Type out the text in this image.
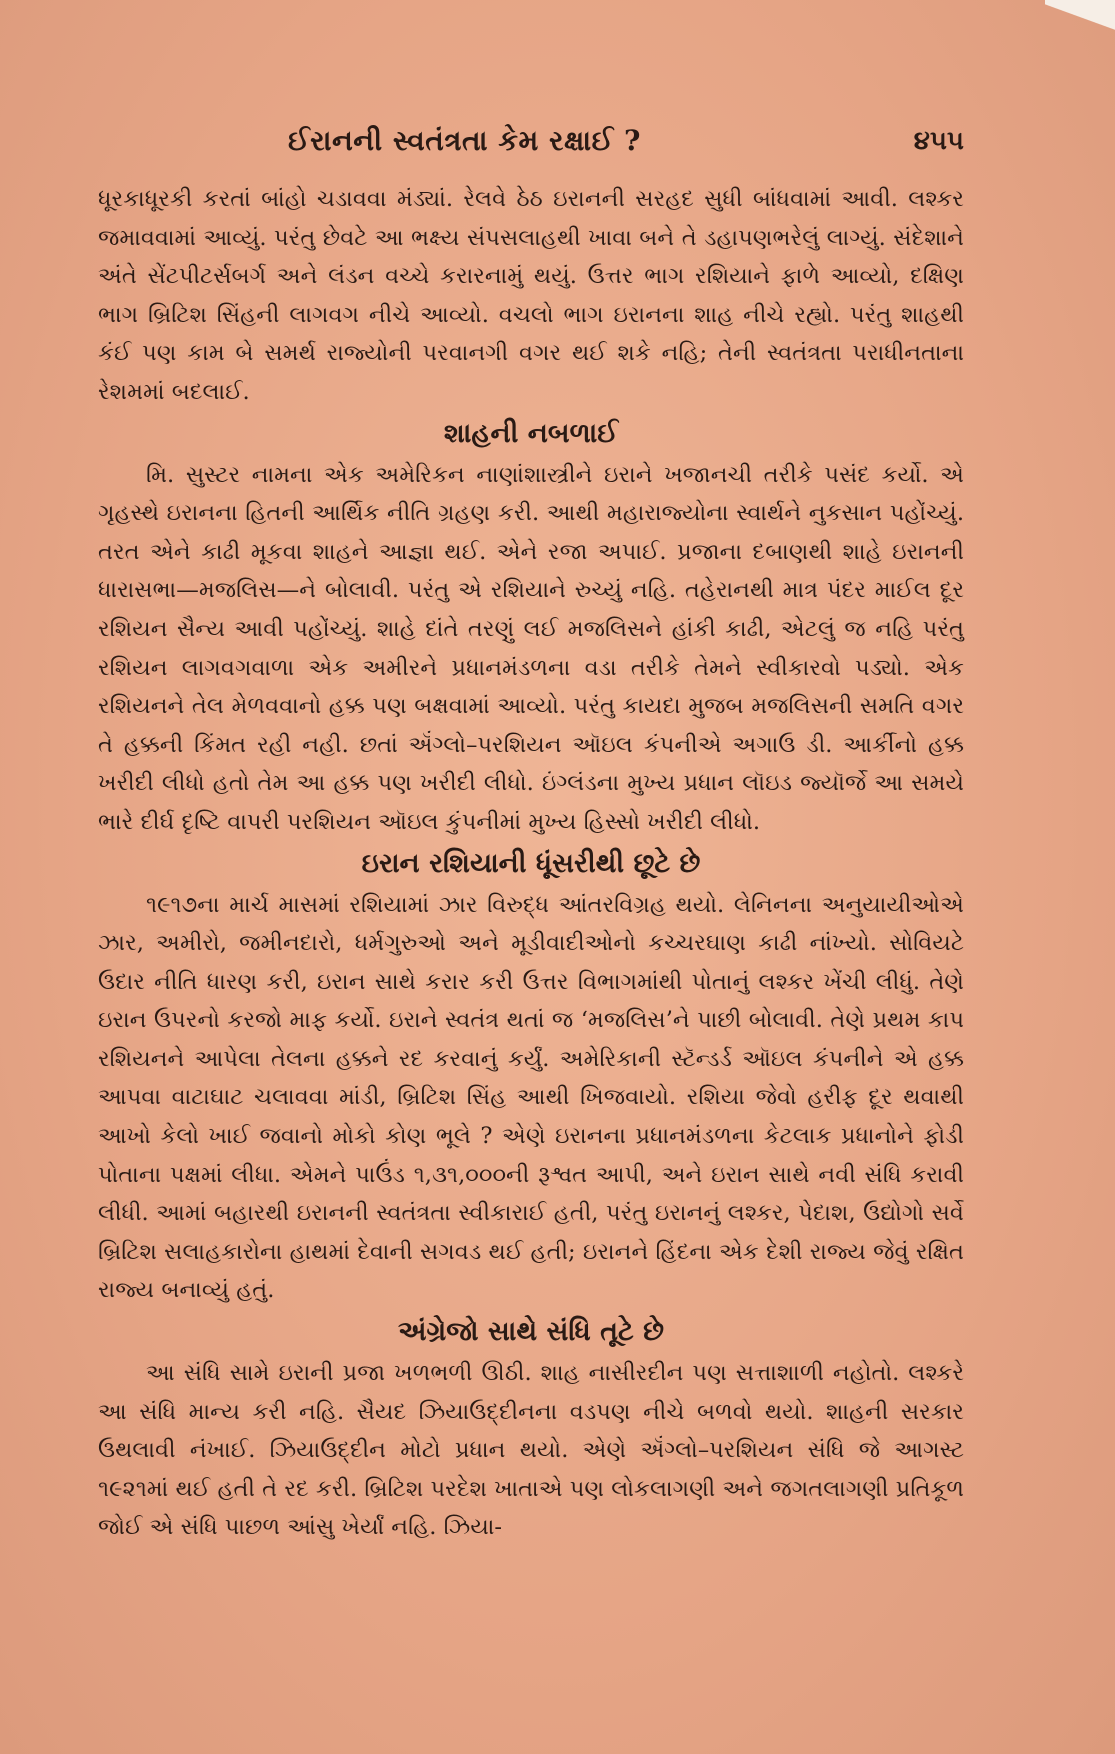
ઈરાનની સ્વતંત્રતા કેમ રક્ષાઈ ?	૪૫૫

ધૂરકાધૂરકી કરતાં બાંહો ચડાવવા મંડ્યાં. રેલવે ઠેઠ ઇરાનની સરહદ સુધી બાંધવામાં આવી. લશ્કર જમાવવામાં આવ્યું. પરંતુ છેવટે આ ભક્ષ્ય સંપસલાહથી ખાવા બને તે ડહાપણભરેલું લાગ્યું. સંદેશાને અંતે સેંટપીટર્સબર્ગ અને લંડન વચ્ચે કરારનામું થયું. ઉત્તર ભાગ રશિયાને ફાળે આવ્યો, દક્ષિણ ભાગ બ્રિટિશ સિંહની લાગવગ નીચે આવ્યો. વચલો ભાગ ઇરાનના શાહ નીચે રહ્યો. પરંતુ શાહથી કંઈ પણ કામ બે સમર્થ રાજ્યોની પરવાનગી વગર થઈ શકે નહિ; તેની સ્વતંત્રતા પરાધીનતાના રેશમમાં બદલાઈ.

શાહની નબળાઈ

મિ. સુસ્ટર નામના એક અમેરિકન નાણાંશાસ્ત્રીને ઇરાને ખજાનચી તરીકે પસંદ કર્યો. એ ગૃહસ્થે ઇરાનના હિતની આર્થિક નીતિ ગ્રહણ કરી. આથી મહારાજ્યોના સ્વાર્થને નુકસાન પહોંચ્યું. તરત એને કાઢી મૂકવા શાહને આજ્ઞા થઈ. એને રજા અપાઈ. પ્રજાના દબાણથી શાહે ઇરાનની ધારાસભા—મજલિસ—ને બોલાવી. પરંતુ એ રશિયાને રુચ્યું નહિ. તહેરાનથી માત્ર પંદર માઈલ દૂર રશિયન સૈન્ય આવી પહોંચ્યું. શાહે દાંતે તરણું લઈ મજલિસને હાંકી કાઢી, એટલું જ નહિ પરંતુ રશિયન લાગવગવાળા એક અમીરને પ્રધાનમંડળના વડા તરીકે તેમને સ્વીકારવો પડ્યો. એક રશિયનને તેલ મેળવવાનો હક્ક પણ બક્ષવામાં આવ્યો. પરંતુ કાયદા મુજબ મજલિસની સમતિ વગર તે હક્કની કિંમત રહી નહી. છતાં ઍંગ્લો–પરશિયન ઑઇલ કંપનીએ અગાઉ ડી. આર્કીનો હક્ક ખરીદી લીધો હતો તેમ આ હક્ક પણ ખરીદી લીધો. ઇંગ્લંડના મુખ્ય પ્રધાન લૉઇડ જ્યૉર્જે આ સમયે ભારે દીર્ઘ દૃષ્ટિ વાપરી પરશિયન ઑઇલ કુંપનીમાં મુખ્ય હિસ્સો ખરીદી લીધો.

ઇરાન રશિયાની ધૂંસરીથી છૂટે છે

૧૯૧૭ના માર્ચ માસમાં રશિયામાં ઝાર વિરુદ્ધ આંતરવિગ્રહ થયો. લેનિનના અનુયાયીઓએ ઝાર, અમીરો, જમીનદારો, ધર્મગુરુઓ અને મૂડીવાદીઓનો કચ્ચરઘાણ કાઢી નાંખ્યો. સોવિયટે ઉદાર નીતિ ધારણ કરી, ઇરાન સાથે કરાર કરી ઉત્તર વિભાગમાંથી પોતાનું લશ્કર ખેંચી લીધું. તેણે ઇરાન ઉપરનો કરજો માફ કર્યો. ઇરાને સ્વતંત્ર થતાં જ ‘મજલિસ’ને પાછી બોલાવી. તેણે પ્રથમ કાપ રશિયનને આપેલા તેલના હક્કને રદ કરવાનું કર્યું. અમેરિકાની સ્ટૅન્ડર્ડ ઑઇલ કંપનીને એ હક્ક આપવા વાટાઘાટ ચલાવવા માંડી, બ્રિટિશ સિંહ આથી ખિજવાયો. રશિયા જેવો હરીફ દૂર થવાથી આખો કેલો ખાઈ જવાનો મોકો કોણ ભૂલે ? એણે ઇરાનના પ્રધાનમંડળના કેટલાક પ્રધાનોને ફોડી પોતાના પક્ષમાં લીધા. એમને પાઉંડ ૧,૩૧,૦૦૦ની રૂશ્વત આપી, અને ઇરાન સાથે નવી સંધિ કરાવી લીધી. આમાં બહારથી ઇરાનની સ્વતંત્રતા સ્વીકારાઈ હતી, પરંતુ ઇરાનનું લશ્કર, પેદાશ, ઉદ્યોગો સર્વે બ્રિટિશ સલાહકારોના હાથમાં દેવાની સગવડ થઈ હતી; ઇરાનને હિંદના એક દેશી રાજ્ય જેવું રક્ષિત રાજ્ય બનાવ્યું હતું.

અંગ્રેજો સાથે સંધિ તૂટે છે

આ સંધિ સામે ઇરાની પ્રજા ખળભળી ઊઠી. શાહ નાસીરદીન પણ સત્તાશાળી નહોતો. લશ્કરે આ સંધિ માન્ય કરી નહિ. સૈયદ ઝિયાઉદ્દીનના વડપણ નીચે બળવો થયો. શાહની સરકાર ઉથલાવી નંખાઈ. ઝિયાઉદ્દીન મોટો પ્રધાન થયો. એણે ઍંગ્લો–પરશિયન સંધિ જે આગસ્ટ ૧૯૨૧માં થઈ હતી તે રદ કરી. બ્રિટિશ પરદેશ ખાતાએ પણ લોકલાગણી અને જગતલાગણી પ્રતિકૂળ જોઈ એ સંધિ પાછળ આંસુ ખેર્યાં નહિ. ઝિયા-
